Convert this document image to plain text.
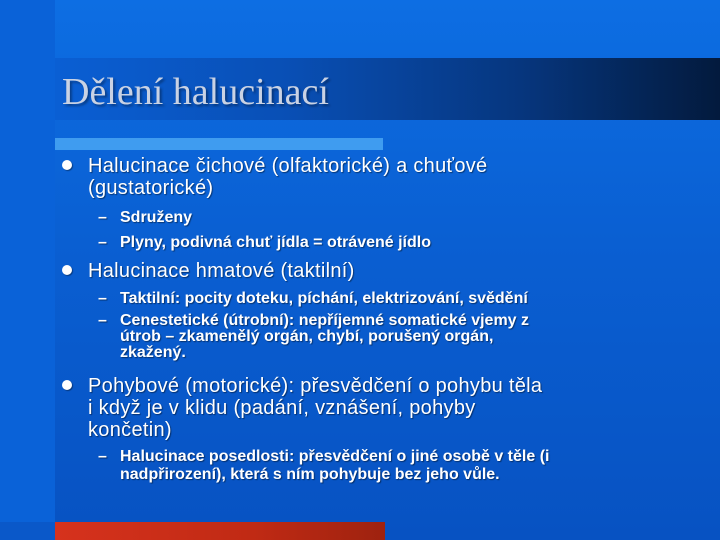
Dělení halucinací
Halucinace čichové (olfaktorické) a chuťové
(gustatorické)
– Sdruženy
– Plyny, podivná chuť jídla = otrávené jídlo
Halucinace hmatové (taktilní)
– Taktilní: pocity doteku, píchání, elektrizování, svědění
– Cenestetické (útrobní): nepříjemné somatické vjemy z
útrob – zkamenělý orgán, chybí, porušený orgán,
zkažený.
Pohybové (motorické): přesvědčení o pohybu těla
i když je v klidu (padání, vznášení, pohyby
končetin)
– Halucinace posedlosti: přesvědčení o jiné osobě v těle (i
nadpřirození), která s ním pohybuje bez jeho vůle.
